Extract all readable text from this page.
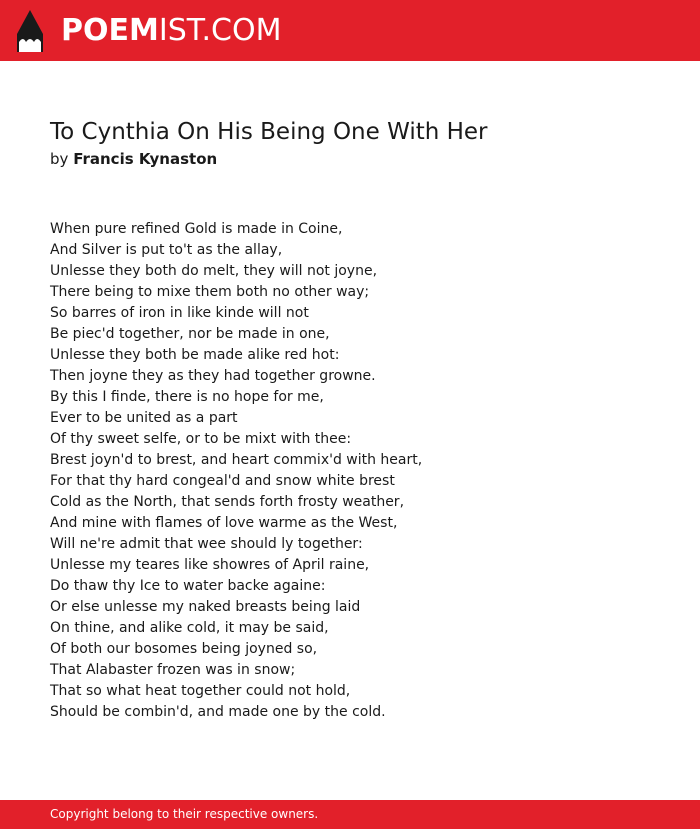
POEMIST.COM
To Cynthia On His Being One With Her
by Francis Kynaston
When pure refined Gold is made in Coine,
And Silver is put to't as the allay,
Unlesse they both do melt, they will not joyne,
There being to mixe them both no other way;
So barres of iron in like kinde will not
Be piec'd together, nor be made in one,
Unlesse they both be made alike red hot:
Then joyne they as they had together growne.
By this I finde, there is no hope for me,
Ever to be united as a part
Of thy sweet selfe, or to be mixt with thee:
Brest joyn'd to brest, and heart commix'd with heart,
For that thy hard congeal'd and snow white brest
Cold as the North, that sends forth frosty weather,
And mine with flames of love warme as the West,
Will ne're admit that wee should ly together:
Unlesse my teares like showres of April raine,
Do thaw thy Ice to water backe againe:
Or else unlesse my naked breasts being laid
On thine, and alike cold, it may be said,
Of both our bosomes being joyned so,
That Alabaster frozen was in snow;
That so what heat together could not hold,
Should be combin'd, and made one by the cold.
Copyright belong to their respective owners.
